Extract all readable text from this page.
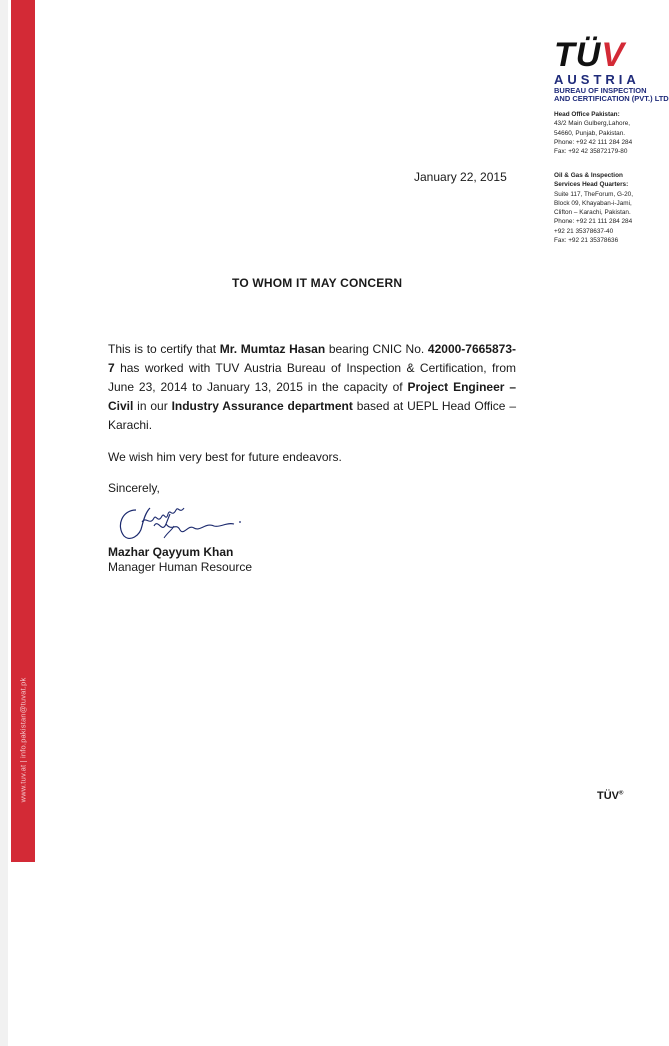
www.tuv.at | info.pakistan@tuvat.pk
TÜV
AUSTRIA
BUREAU OF INSPECTION
AND CERTIFICATION (PVT.) LTD
Head Office Pakistan:
43/2 Main Gulberg,Lahore,
54660, Punjab, Pakistan.
Phone: +92 42 111 284 284
Fax: +92 42 35872179-80
Oil & Gas & Inspection
Services Head Quarters:
Suite 117, TheForum, G-20,
Block 09, Khayaban-i-Jami,
Clifton – Karachi, Pakistan.
Phone: +92 21 111 284 284
+92 21 35378637-40
Fax: +92 21 35378636
January 22, 2015
TO WHOM IT MAY CONCERN

This is to certify that Mr. Mumtaz Hasan bearing CNIC No. 42000-7665873-7 has worked with TUV Austria Bureau of Inspection & Certification, from June 23, 2014 to January 13, 2015 in the capacity of Project Engineer – Civil in our Industry Assurance department based at UEPL Head Office – Karachi.

We wish him very best for future endeavors.
Sincerely,
Mazhar Qayyum Khan
Manager Human Resource
TÜV®
